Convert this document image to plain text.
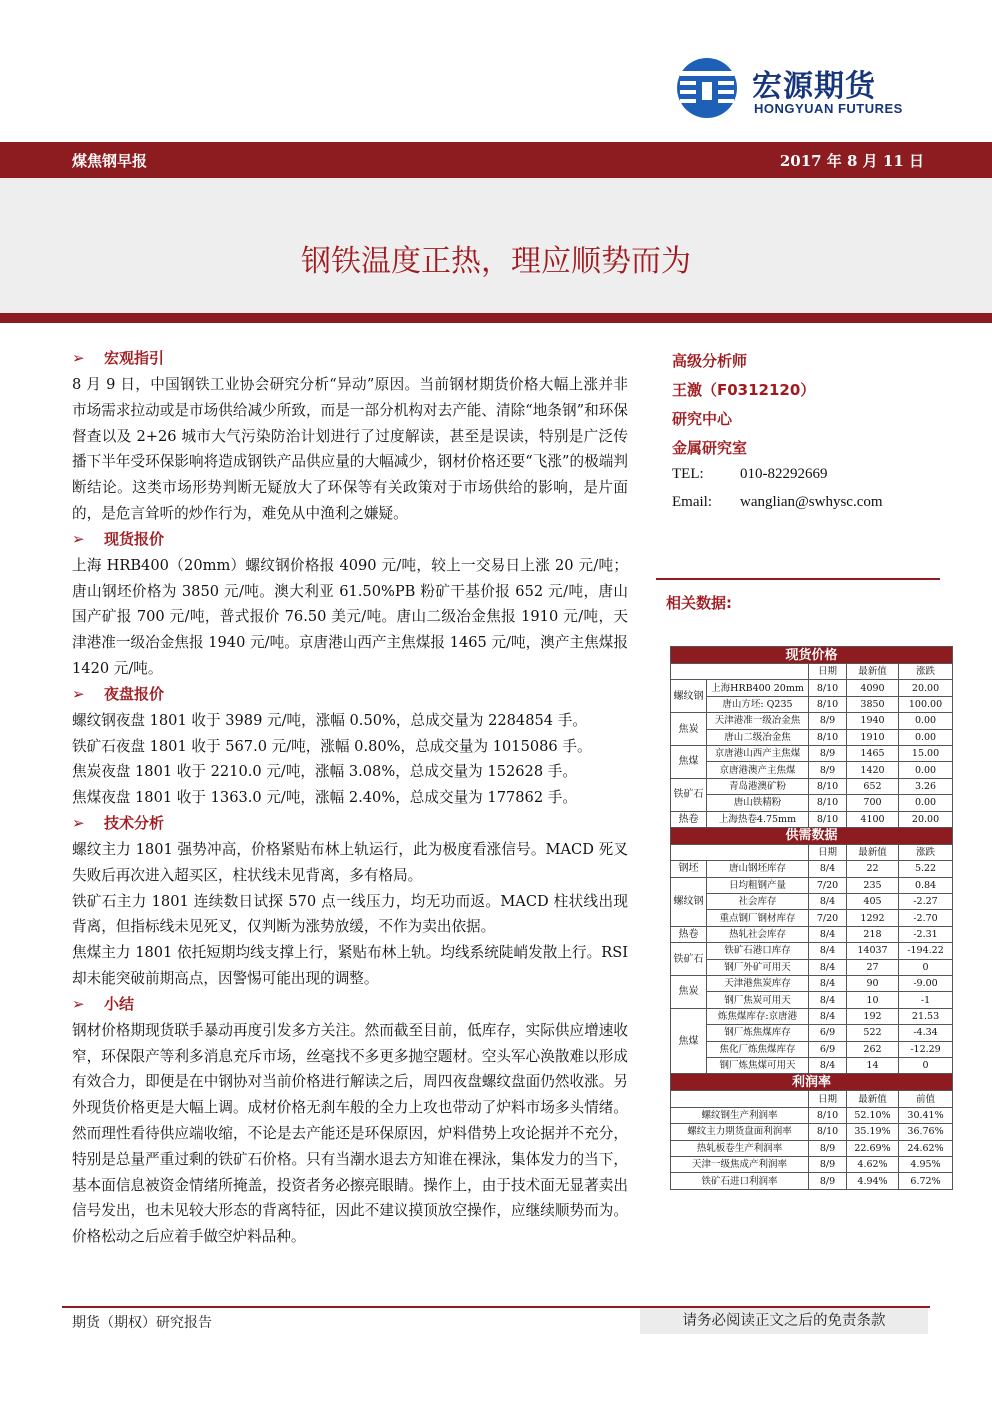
宏源期货
HONGYUAN FUTURES
煤焦钢早报	2017 年 8 月 11 日
钢铁温度正热，理应顺势而为
➢ 宏观指引
8 月 9 日，中国钢铁工业协会研究分析“异动”原因。当前钢材期货价格大幅上涨并非市场需求拉动或是市场供给减少所致，而是一部分机构对去产能、清除“地条钢”和环保督查以及 2+26 城市大气污染防治计划进行了过度解读，甚至是误读，特别是广泛传播下半年受环保影响将造成钢铁产品供应量的大幅减少，钢材价格还要“飞涨”的极端判断结论。这类市场形势判断无疑放大了环保等有关政策对于市场供给的影响，是片面的，是危言耸听的炒作行为，难免从中渔利之嫌疑。
➢ 现货报价
上海 HRB400（20mm）螺纹钢价格报 4090 元/吨，较上一交易日上涨 20 元/吨；唐山钢坯价格为 3850 元/吨。澳大利亚 61.50%PB 粉矿干基价报 652 元/吨，唐山国产矿报 700 元/吨，普式报价 76.50 美元/吨。唐山二级冶金焦报 1910 元/吨，天津港准一级冶金焦报 1940 元/吨。京唐港山西产主焦煤报 1465 元/吨，澳产主焦煤报 1420 元/吨。
➢ 夜盘报价
螺纹钢夜盘 1801 收于 3989 元/吨，涨幅 0.50%，总成交量为 2284854 手。
铁矿石夜盘 1801 收于 567.0 元/吨，涨幅 0.80%，总成交量为 1015086 手。
焦炭夜盘 1801 收于 2210.0 元/吨，涨幅 3.08%，总成交量为 152628 手。
焦煤夜盘 1801 收于 1363.0 元/吨，涨幅 2.40%，总成交量为 177862 手。
➢ 技术分析
螺纹主力 1801 强势冲高，价格紧贴布林上轨运行，此为极度看涨信号。MACD 死叉失败后再次进入超买区，柱状线未见背离，多有格局。
铁矿石主力 1801 连续数日试探 570 点一线压力，均无功而返。MACD 柱状线出现背离，但指标线未见死叉，仅判断为涨势放缓，不作为卖出依据。
焦煤主力 1801 依托短期均线支撑上行，紧贴布林上轨。均线系统陡峭发散上行。RSI 却未能突破前期高点，因警惕可能出现的调整。
➢ 小结
钢材价格期现货联手暴动再度引发多方关注。然而截至目前，低库存，实际供应增速收窄，环保限产等利多消息充斥市场，丝毫找不多更多抛空题材。空头军心涣散难以形成有效合力，即便是在中钢协对当前价格进行解读之后，周四夜盘螺纹盘面仍然收涨。另外现货价格更是大幅上调。成材价格无刹车般的全力上攻也带动了炉料市场多头情绪。然而理性看待供应端收缩，不论是去产能还是环保原因，炉料借势上攻论据并不充分，特别是总量严重过剩的铁矿石价格。只有当潮水退去方知谁在裸泳，集体发力的当下，基本面信息被资金情绪所掩盖，投资者务必擦亮眼睛。操作上，由于技术面无显著卖出信号发出，也未见较大形态的背离特征，因此不建议摸顶放空操作，应继续顺势而为。价格松动之后应着手做空炉料品种。
高级分析师
王激（F0312120）
研究中心
金属研究室
TEL: 010-82292669
Email: wanglian@swhysc.com
相关数据:
现货价格				
		日期	最新值	涨跌
螺纹钢	上海HRB400 20mm	8/10	4090	20.00
	唐山方坯: Q235	8/10	3850	100.00
焦炭	天津港准一级冶金焦	8/9	1940	0.00
	唐山二级冶金焦	8/10	1910	0.00
焦煤	京唐港山西产主焦煤	8/9	1465	15.00
	京唐港澳产主焦煤	8/9	1420	0.00
铁矿石	青岛港澳矿粉	8/10	652	3.26
	唐山铁精粉	8/10	700	0.00
热卷	上海热卷4.75mm	8/10	4100	20.00
供需数据				
		日期	最新值	涨跌
钢坯	唐山钢坯库存	8/4	22	5.22
螺纹钢	日均粗钢产量	7/20	235	0.84
	社会库存	8/4	405	-2.27
	重点钢厂钢材库存	7/20	1292	-2.70
热卷	热轧社会库存	8/4	218	-2.31
铁矿石	铁矿石港口库存	8/4	14037	-194.22
	钢厂外矿可用天	8/4	27	0
焦炭	天津港焦炭库存	8/4	90	-9.00
	钢厂焦炭可用天	8/4	10	-1
焦煤	炼焦煤库存:京唐港	8/4	192	21.53
	钢厂炼焦煤库存	6/9	522	-4.34
	焦化厂炼焦煤库存	6/9	262	-12.29
	钢厂炼焦煤可用天	8/4	14	0
利润率				
		日期	最新值	前值
螺纹钢生产利润率		8/10	52.10%	30.41%
螺纹主力期货盘面利润率		8/10	35.19%	36.76%
热轧板卷生产利润率		8/9	22.69%	24.62%
天津一级焦成产利润率		8/9	4.62%	4.95%
铁矿石进口利润率		8/9	4.94%	6.72%
期货（期权）研究报告	请务必阅读正文之后的免责条款
